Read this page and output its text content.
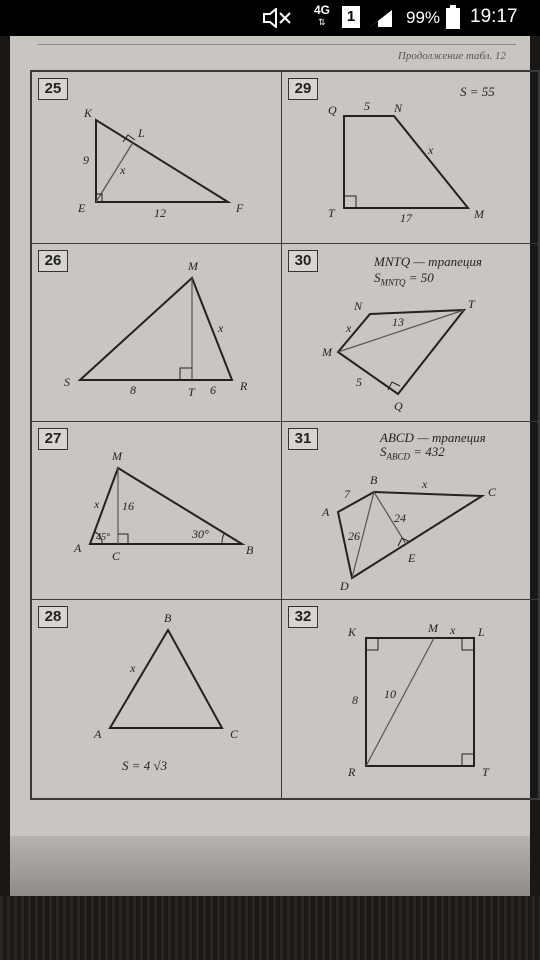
4G
⇅	1	99% 19:17
Продолжение табл. 12
25
K
L
E	F
9
12
x
29	S = 55
Q	N
T	M
5
17
x
26	M
S
T	R
8	6
x
30	MNTQ — трапеция
$S_{MNTQ} = 50$
N	T
M
Q
13
5
x
27
M
A
C	B
16
45°	30°
x
31	ABCD — трапеция
$S_{ABCD} = 432$
A
B
C
D
E
7
26
24
x
28	B
A	C
x
S = 4 √3
32
K	M	L
R	T
8 10
x
